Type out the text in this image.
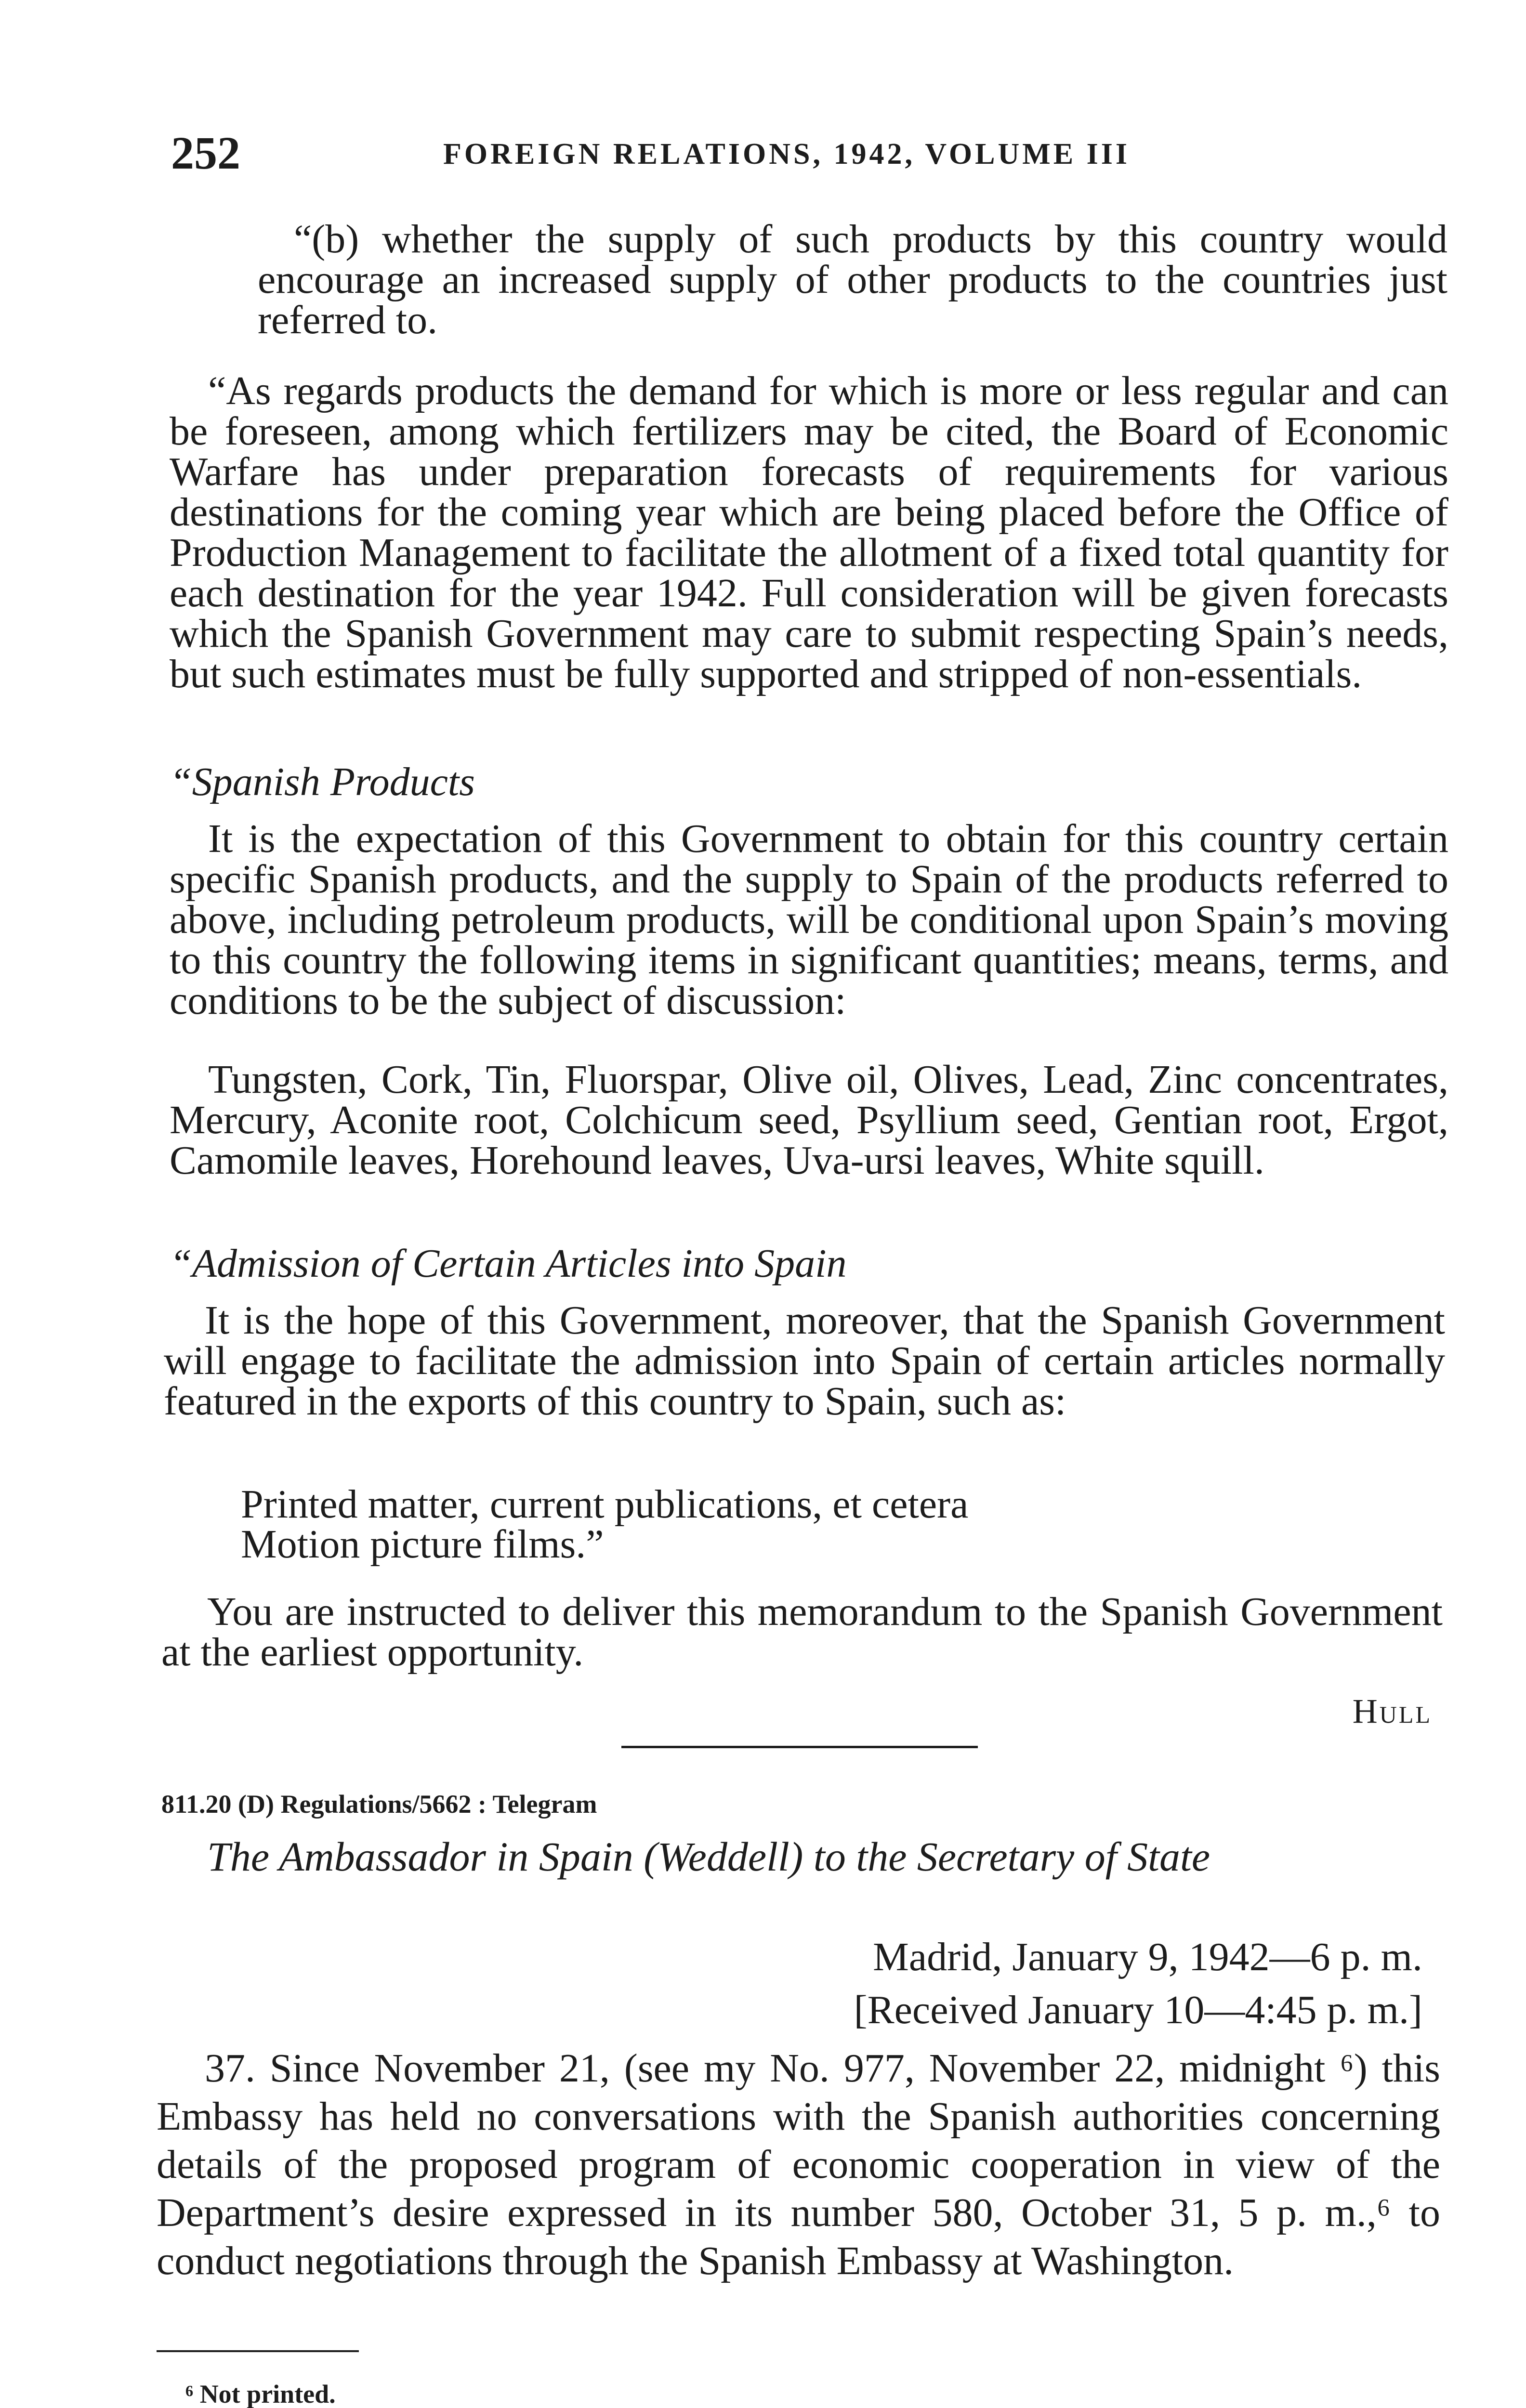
252	FOREIGN RELATIONS, 1942, VOLUME III
“(b) whether the supply of such products by this country would encourage an increased supply of other products to the countries just referred to.
“As regards products the demand for which is more or less regular and can be foreseen, among which fertilizers may be cited, the Board of Economic Warfare has under preparation forecasts of requirements for various destinations for the coming year which are being placed before the Office of Production Management to facilitate the allotment of a fixed total quantity for each destination for the year 1942. Full consideration will be given forecasts which the Spanish Government may care to submit respecting Spain’s needs, but such estimates must be fully supported and stripped of non-essentials.
“Spanish Products
It is the expectation of this Government to obtain for this country certain specific Spanish products, and the supply to Spain of the products referred to above, including petroleum products, will be conditional upon Spain’s moving to this country the following items in significant quantities; means, terms, and conditions to be the subject of discussion:
Tungsten, Cork, Tin, Fluorspar, Olive oil, Olives, Lead, Zinc concentrates, Mercury, Aconite root, Colchicum seed, Psyllium seed, Gentian root, Ergot, Camomile leaves, Horehound leaves, Uva-ursi leaves, White squill.
“Admission of Certain Articles into Spain
It is the hope of this Government, moreover, that the Spanish Government will engage to facilitate the admission into Spain of certain articles normally featured in the exports of this country to Spain, such as:
Printed matter, current publications, et cetera
Motion picture films.”
You are instructed to deliver this memorandum to the Spanish Government at the earliest opportunity.
Hull
811.20 (D) Regulations/5662 : Telegram
The Ambassador in Spain (Weddell) to the Secretary of State
Madrid, January 9, 1942—6 p. m.
[Received January 10—4:45 p. m.]
37. Since November 21, (see my No. 977, November 22, midnight ⁶) this Embassy has held no conversations with the Spanish authorities concerning details of the proposed program of economic cooperation in view of the Department’s desire expressed in its number 580, October 31, 5 p. m.,⁶ to conduct negotiations through the Spanish Embassy at Washington.
⁶ Not printed.
